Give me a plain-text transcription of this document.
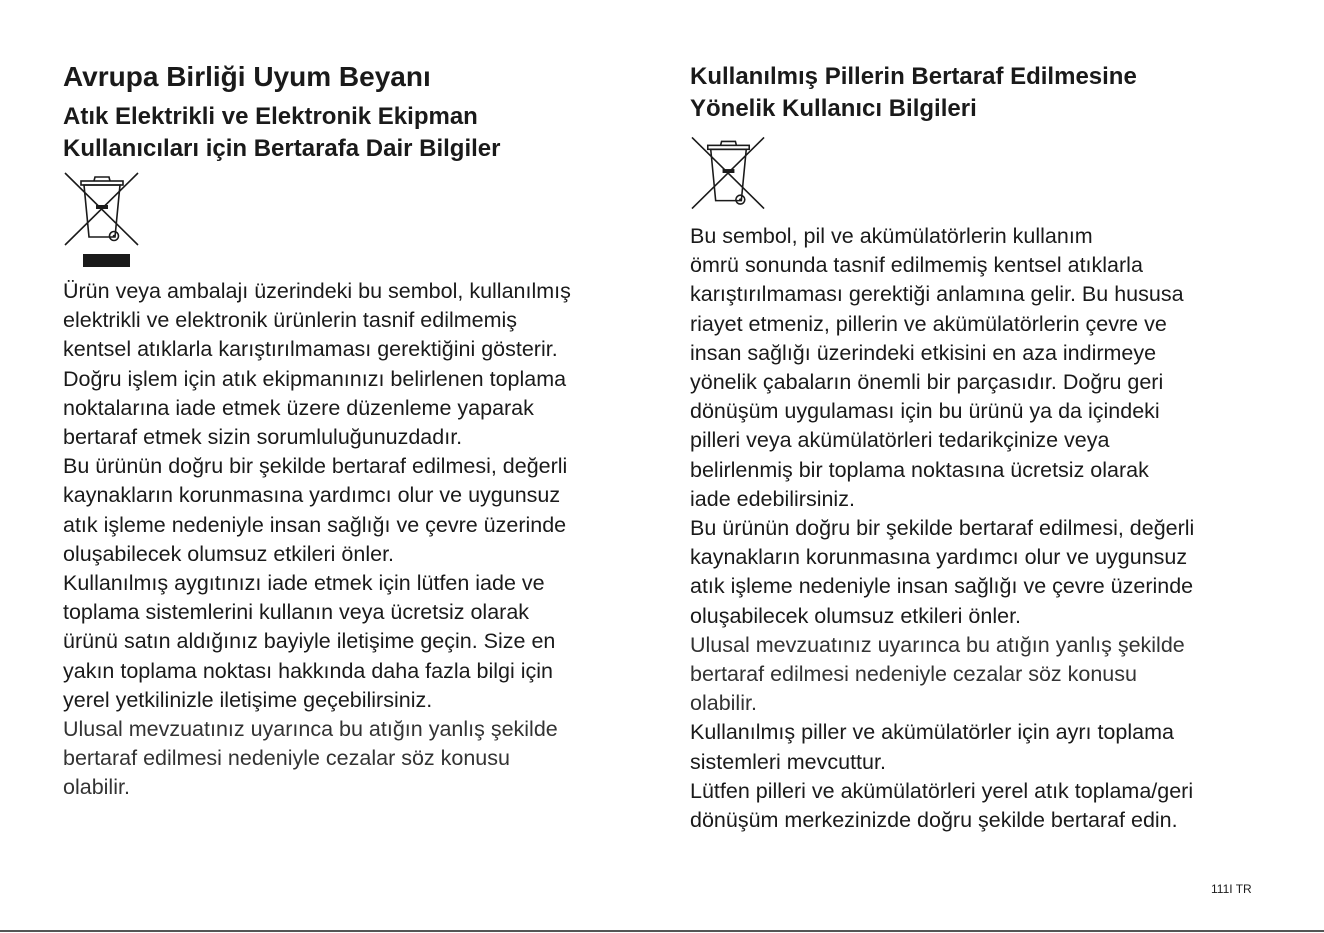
Avrupa Birliği Uyum Beyanı
Atık Elektrikli ve Elektronik Ekipman
Kullanıcıları için Bertarafa Dair Bilgiler

Ürün veya ambalajı üzerindeki bu sembol, kullanılmış
elektrikli ve elektronik ürünlerin tasnif edilmemiş
kentsel atıklarla karıştırılmaması gerektiğini gösterir.
Doğru işlem için atık ekipmanınızı belirlenen toplama
noktalarına iade etmek üzere düzenleme yaparak
bertaraf etmek sizin sorumluluğunuzdadır.
Bu ürünün doğru bir şekilde bertaraf edilmesi, değerli
kaynakların korunmasına yardımcı olur ve uygunsuz
atık işleme nedeniyle insan sağlığı ve çevre üzerinde
oluşabilecek olumsuz etkileri önler.
Kullanılmış aygıtınızı iade etmek için lütfen iade ve
toplama sistemlerini kullanın veya ücretsiz olarak
ürünü satın aldığınız bayiyle iletişime geçin. Size en
yakın toplama noktası hakkında daha fazla bilgi için
yerel yetkilinizle iletişime geçebilirsiniz.
Ulusal mevzuatınız uyarınca bu atığın yanlış şekilde
bertaraf edilmesi nedeniyle cezalar söz konusu
olabilir.

Kullanılmış Pillerin Bertaraf Edilmesine
Yönelik Kullanıcı Bilgileri

Bu sembol, pil ve akümülatörlerin kullanım
ömrü sonunda tasnif edilmemiş kentsel atıklarla
karıştırılmaması gerektiği anlamına gelir. Bu hususa
riayet etmeniz, pillerin ve akümülatörlerin çevre ve
insan sağlığı üzerindeki etkisini en aza indirmeye
yönelik çabaların önemli bir parçasıdır. Doğru geri
dönüşüm uygulaması için bu ürünü ya da içindeki
pilleri veya akümülatörleri tedarikçinize veya
belirlenmiş bir toplama noktasına ücretsiz olarak
iade edebilirsiniz.
Bu ürünün doğru bir şekilde bertaraf edilmesi, değerli
kaynakların korunmasına yardımcı olur ve uygunsuz
atık işleme nedeniyle insan sağlığı ve çevre üzerinde
oluşabilecek olumsuz etkileri önler.
Ulusal mevzuatınız uyarınca bu atığın yanlış şekilde
bertaraf edilmesi nedeniyle cezalar söz konusu
olabilir.
Kullanılmış piller ve akümülatörler için ayrı toplama
sistemleri mevcuttur.
Lütfen pilleri ve akümülatörleri yerel atık toplama/geri
dönüşüm merkezinizde doğru şekilde bertaraf edin.

111I TR
